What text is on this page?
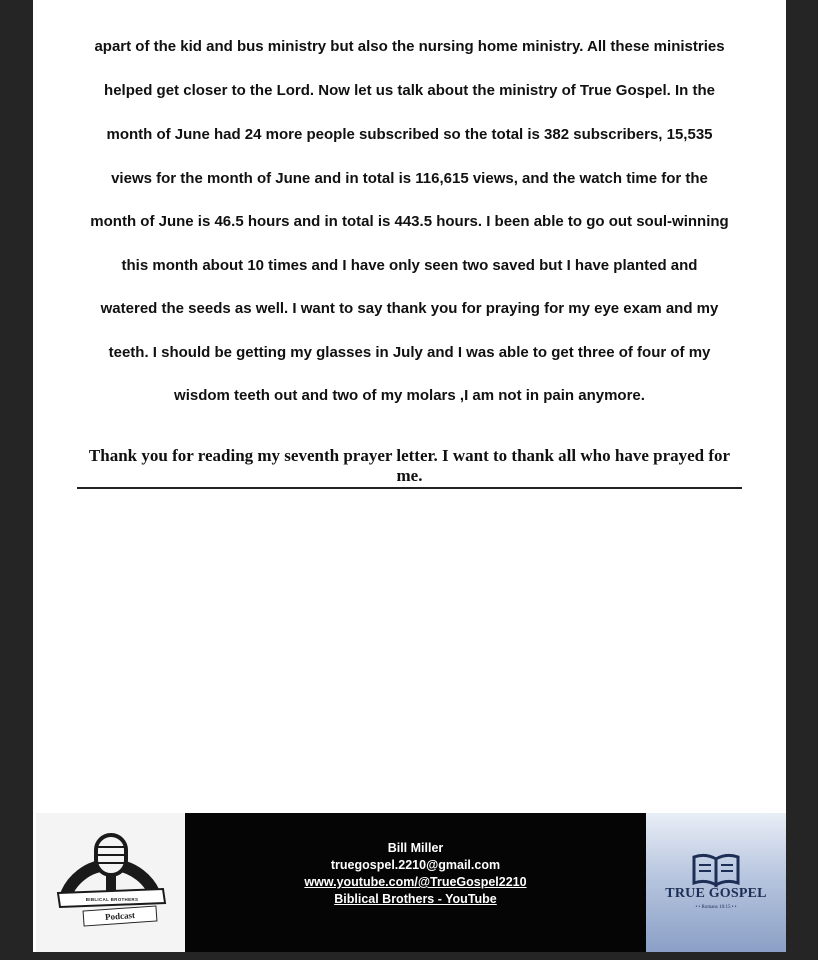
apart of the kid and bus ministry but also the nursing home ministry. All these ministries
helped get closer to the Lord. Now let us talk about the ministry of True Gospel. In the
month of June had 24 more people subscribed so the total is 382 subscribers, 15,535
views for the month of June and in total is 116,615 views, and the watch time for the
month of June is 46.5 hours and in total is 443.5 hours. I been able to go out soul-winning
this month about 10 times and I have only seen two saved but I have planted and
watered the seeds as well. I want to say thank you for praying for my eye exam and my
teeth. I should be getting my glasses in July and I was able to get three of four of my
wisdom teeth out and two of my molars ,I am not in pain anymore.
Thank you for reading my seventh prayer letter. I want to thank all who have prayed for me.
BIBLICAL BROTHERS
Podcast
Bill Miller
truegospel.2210@gmail.com
www.youtube.com/@TrueGospel2210
Biblical Brothers - YouTube	TRUE GOSPEL
• • Romans 10:15 • •
